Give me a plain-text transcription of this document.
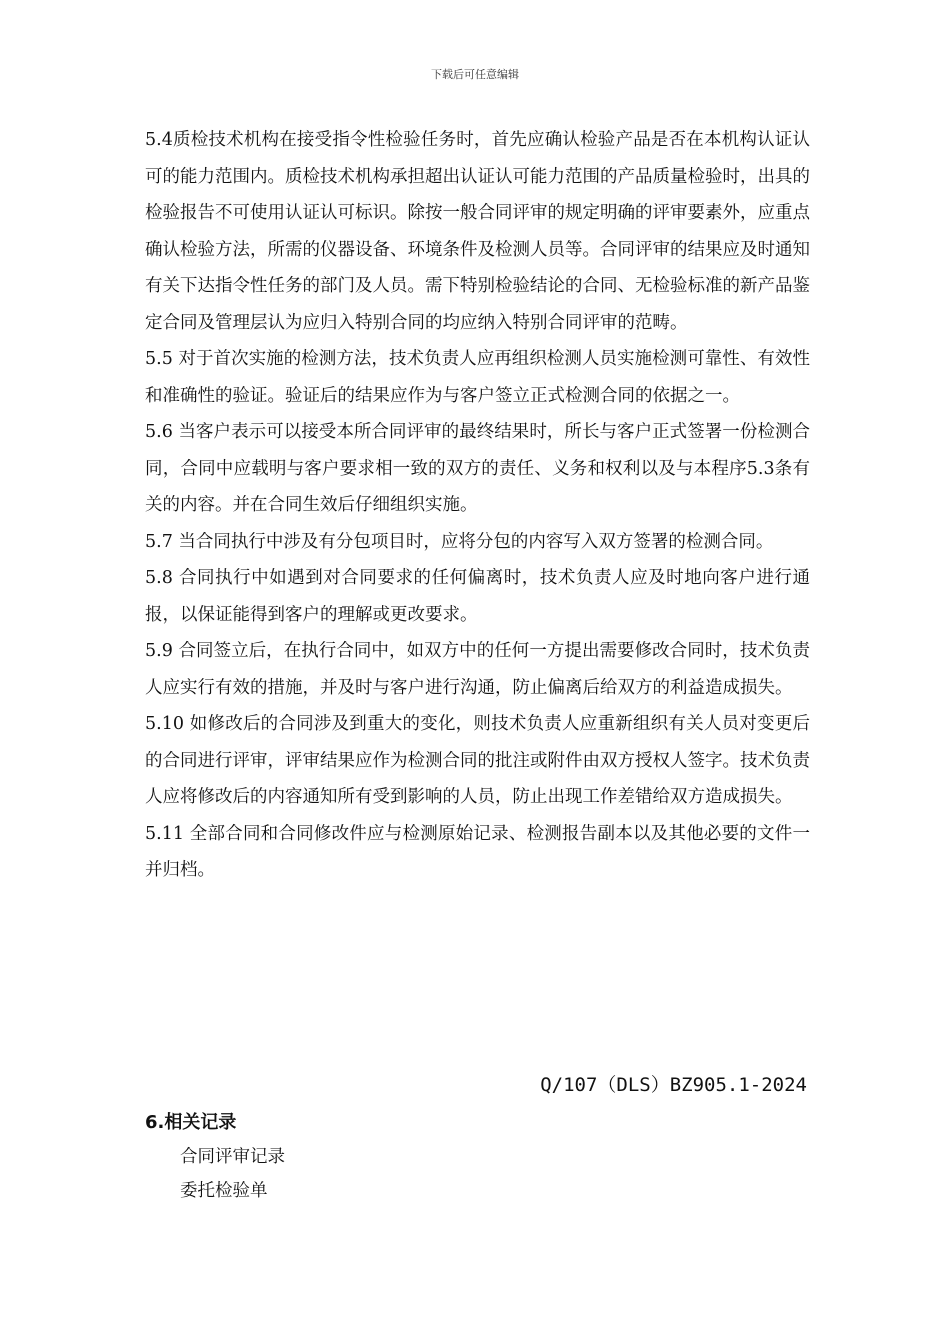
下载后可任意编辑

5.4质检技术机构在接受指令性检验任务时，首先应确认检验产品是否在本机构认证认可的能力范围内。质检技术机构承担超出认证认可能力范围的产品质量检验时，出具的检验报告不可使用认证认可标识。除按一般合同评审的规定明确的评审要素外，应重点确认检验方法，所需的仪器设备、环境条件及检测人员等。合同评审的结果应及时通知有关下达指令性任务的部门及人员。需下特别检验结论的合同、无检验标准的新产品鉴定合同及管理层认为应归入特别合同的均应纳入特别合同评审的范畴。

5.5 对于首次实施的检测方法，技术负责人应再组织检测人员实施检测可靠性、有效性和准确性的验证。验证后的结果应作为与客户签立正式检测合同的依据之一。

5.6 当客户表示可以接受本所合同评审的最终结果时，所长与客户正式签署一份检测合同，合同中应载明与客户要求相一致的双方的责任、义务和权利以及与本程序5.3条有关的内容。并在合同生效后仔细组织实施。

5.7 当合同执行中涉及有分包项目时，应将分包的内容写入双方签署的检测合同。

5.8 合同执行中如遇到对合同要求的任何偏离时，技术负责人应及时地向客户进行通报，以保证能得到客户的理解或更改要求。

5.9 合同签立后，在执行合同中，如双方中的任何一方提出需要修改合同时，技术负责人应实行有效的措施，并及时与客户进行沟通，防止偏离后给双方的利益造成损失。

5.10 如修改后的合同涉及到重大的变化，则技术负责人应重新组织有关人员对变更后的合同进行评审，评审结果应作为检测合同的批注或附件由双方授权人签字。技术负责人应将修改后的内容通知所有受到影响的人员，防止出现工作差错给双方造成损失。

5.11 全部合同和合同修改件应与检测原始记录、检测报告副本以及其他必要的文件一并归档。

Q/107（DLS）BZ905.1-2024
6.相关记录
合同评审记录
委托检验单
